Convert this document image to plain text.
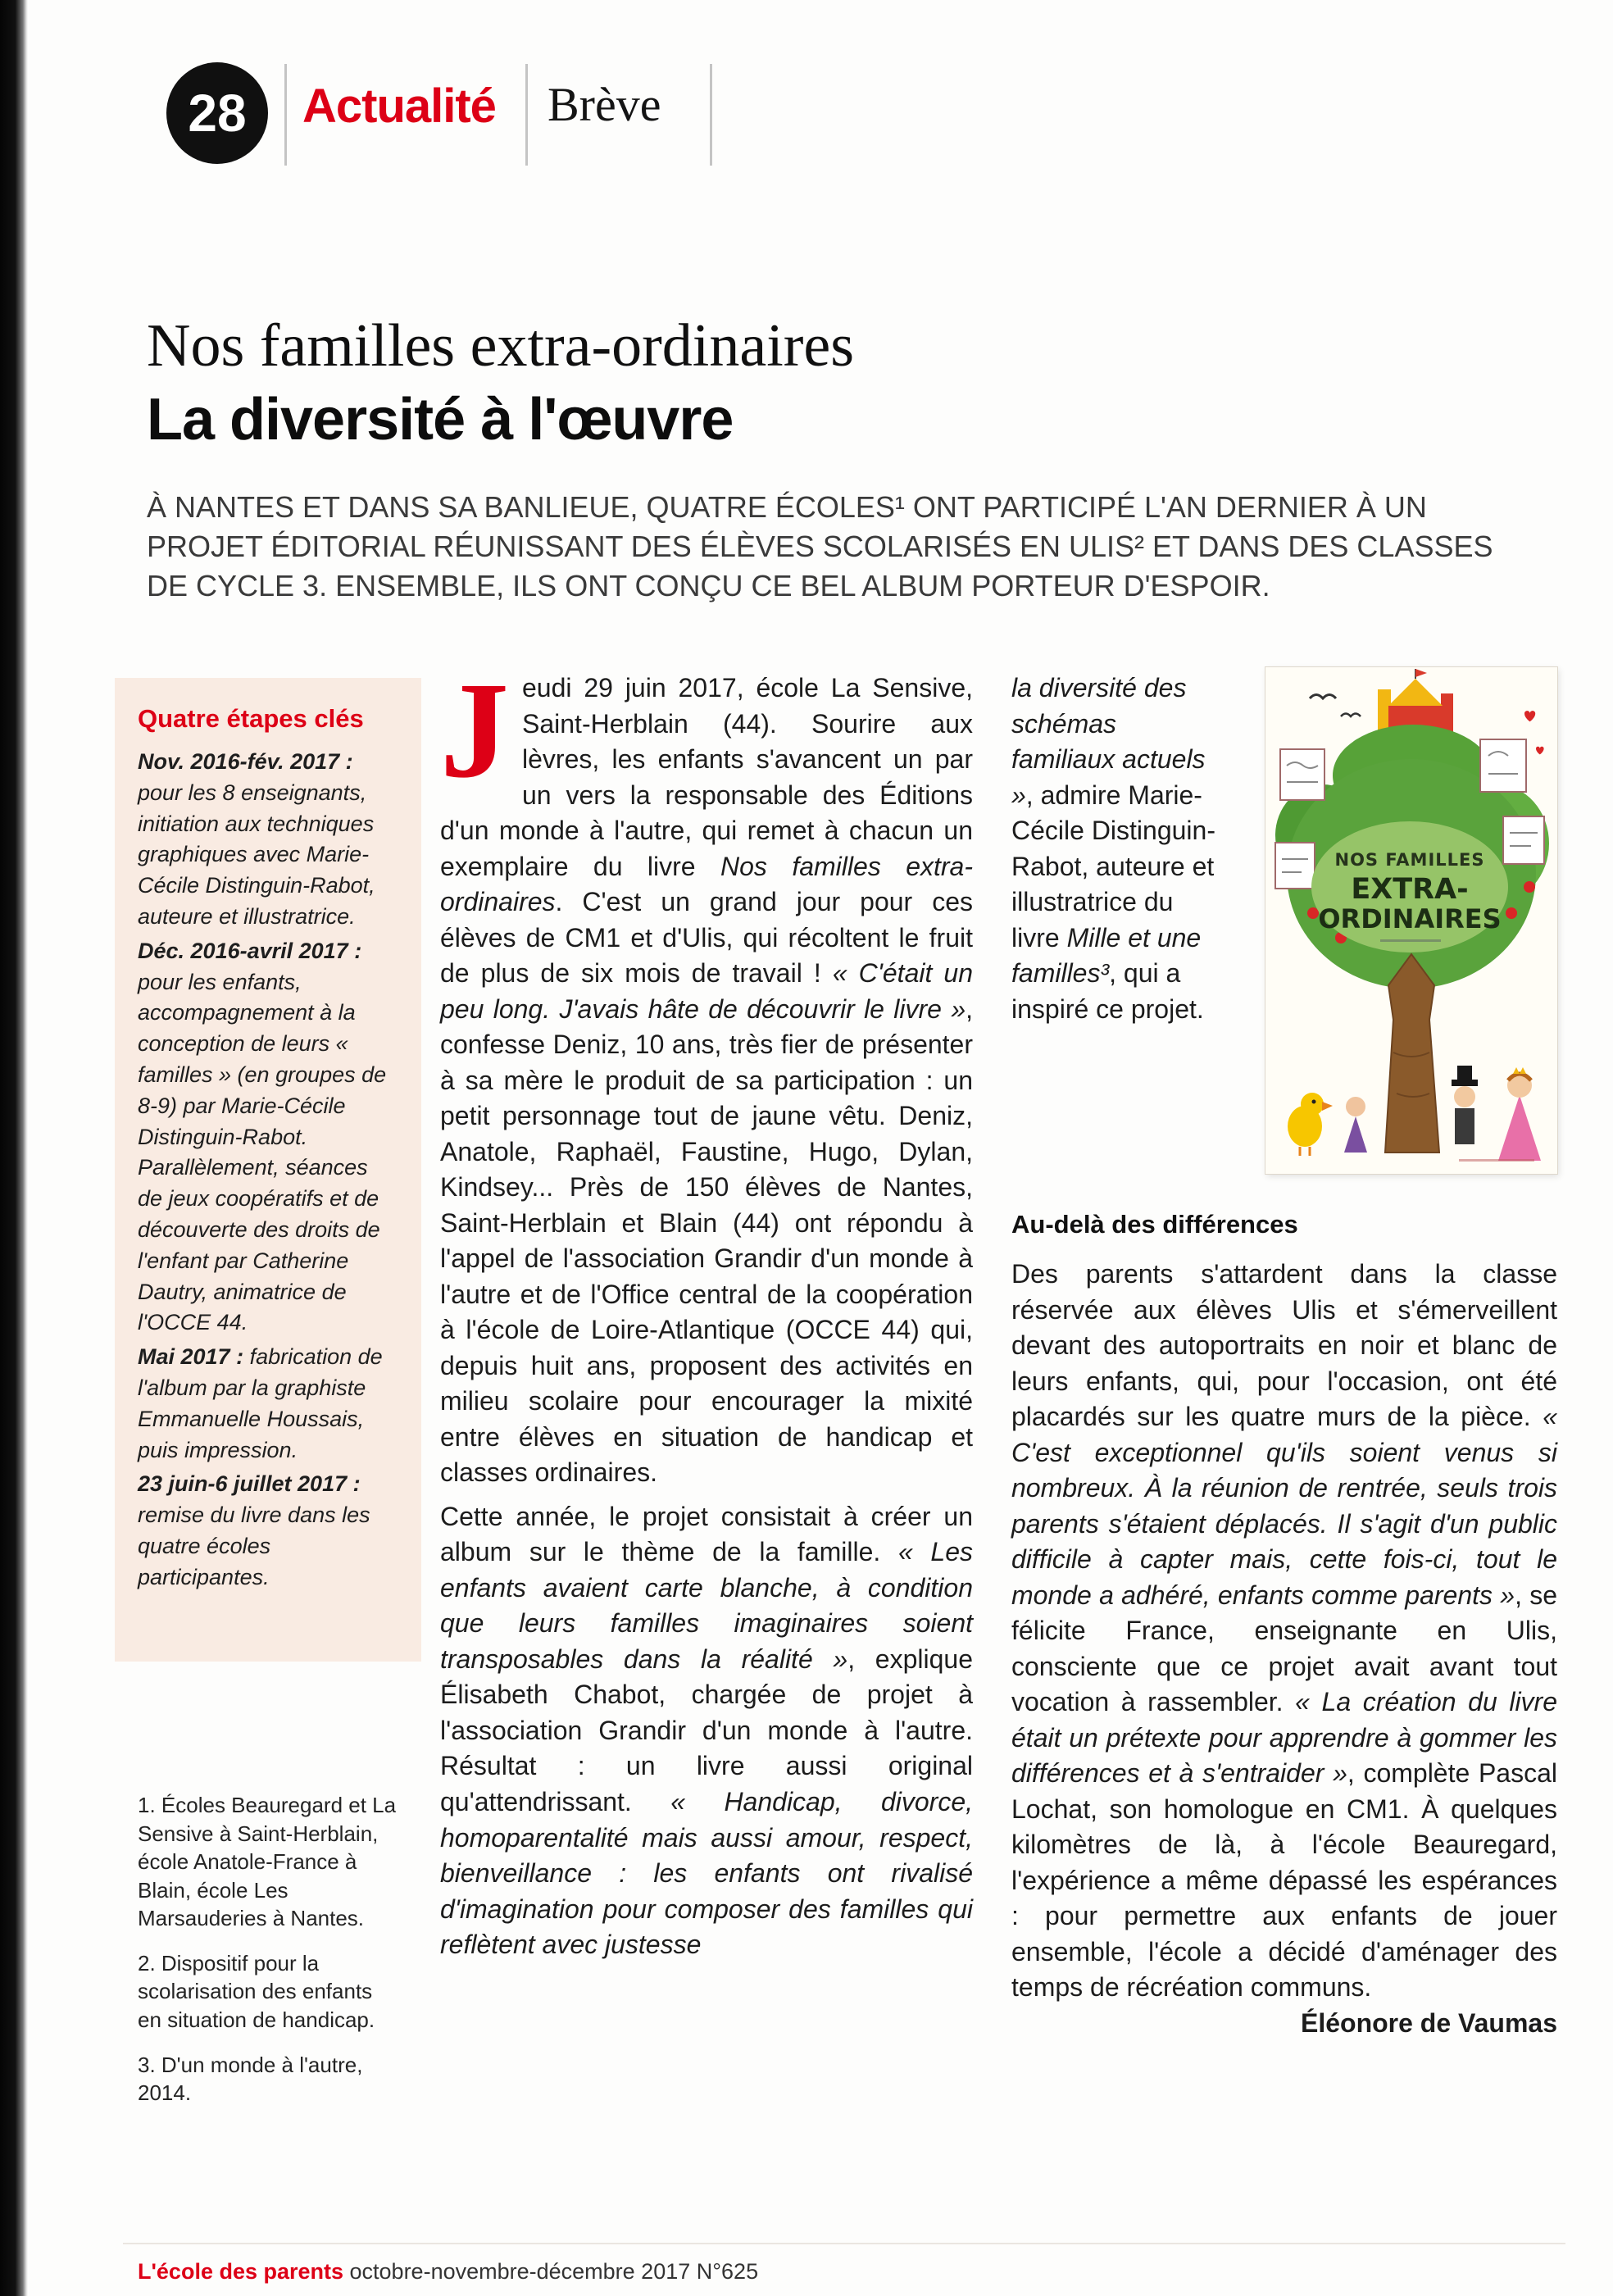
28 Actualité Brève
Nos familles extra-ordinaires
La diversité à l'œuvre

À NANTES ET DANS SA BANLIEUE, QUATRE ÉCOLES¹ ONT PARTICIPÉ L'AN DERNIER À UN PROJET ÉDITORIAL RÉUNISSANT DES ÉLÈVES SCOLARISÉS EN ULIS² ET DANS DES CLASSES DE CYCLE 3. ENSEMBLE, ILS ONT CONÇU CE BEL ALBUM PORTEUR D'ESPOIR.

Quatre étapes clés

Nov. 2016-fév. 2017 : pour les 8 enseignants, initiation aux techniques graphiques avec Marie-Cécile Distinguin-Rabot, auteure et illustratrice.

Déc. 2016-avril 2017 : pour les enfants, accompagnement à la conception de leurs « familles » (en groupes de 8-9) par Marie-Cécile Distinguin-Rabot. Parallèlement, séances de jeux coopératifs et de découverte des droits de l'enfant par Catherine Dautry, animatrice de l'OCCE 44.

Mai 2017 : fabrication de l'album par la graphiste Emmanuelle Houssais, puis impression.

23 juin-6 juillet 2017 : remise du livre dans les quatre écoles participantes.

1. Écoles Beauregard et La Sensive à Saint-Herblain, école Anatole-France à Blain, école Les Marsauderies à Nantes.

2. Dispositif pour la scolarisation des enfants en situation de handicap.

3. D'un monde à l'autre, 2014.

Jeudi 29 juin 2017, école La Sensive, Saint-Herblain (44). Sourire aux lèvres, les enfants s'avancent un par un vers la responsable des Éditions d'un monde à l'autre, qui remet à chacun un exemplaire du livre Nos familles extra-ordinaires. C'est un grand jour pour ces élèves de CM1 et d'Ulis, qui récoltent le fruit de plus de six mois de travail ! « C'était un peu long. J'avais hâte de découvrir le livre », confesse Deniz, 10 ans, très fier de présenter à sa mère le produit de sa participation : un petit personnage tout de jaune vêtu. Deniz, Anatole, Raphaël, Faustine, Hugo, Dylan, Kindsey... Près de 150 élèves de Nantes, Saint-Herblain et Blain (44) ont répondu à l'appel de l'association Grandir d'un monde à l'autre et de l'Office central de la coopération à l'école de Loire-Atlantique (OCCE 44) qui, depuis huit ans, proposent des activités en milieu scolaire pour encourager la mixité entre élèves en situation de handicap et classes ordinaires.

Cette année, le projet consistait à créer un album sur le thème de la famille. « Les enfants avaient carte blanche, à condition que leurs familles imaginaires soient transposables dans la réalité », explique Élisabeth Chabot, chargée de projet à l'association Grandir d'un monde à l'autre. Résultat : un livre aussi original qu'attendrissant. « Handicap, divorce, homoparentalité mais aussi amour, respect, bienveillance : les enfants ont rivalisé d'imagination pour composer des familles qui reflètent avec justesse

la diversité des schémas familiaux actuels », admire Marie-Cécile Distinguin-Rabot, auteure et illustratrice du livre Mille et une familles³, qui a inspiré ce projet.

NOS FAMILLES
EXTRA-
ORDINAIRES
Au-delà des différences

Des parents s'attardent dans la classe réservée aux élèves Ulis et s'émerveillent devant des autoportraits en noir et blanc de leurs enfants, qui, pour l'occasion, ont été placardés sur les quatre murs de la pièce. « C'est exceptionnel qu'ils soient venus si nombreux. À la réunion de rentrée, seuls trois parents s'étaient déplacés. Il s'agit d'un public difficile à capter mais, cette fois-ci, tout le monde a adhéré, enfants comme parents », se félicite France, enseignante en Ulis, consciente que ce projet avait avant tout vocation à rassembler. « La création du livre était un prétexte pour apprendre à gommer les différences et à s'entraider », complète Pascal Lochat, son homologue en CM1. À quelques kilomètres de là, à l'école Beauregard, l'expérience a même dépassé les espérances : pour permettre aux enfants de jouer ensemble, l'école a décidé d'aménager des temps de récréation communs.
Éléonore de Vaumas

L'école des parents octobre-novembre-décembre 2017 N°625
